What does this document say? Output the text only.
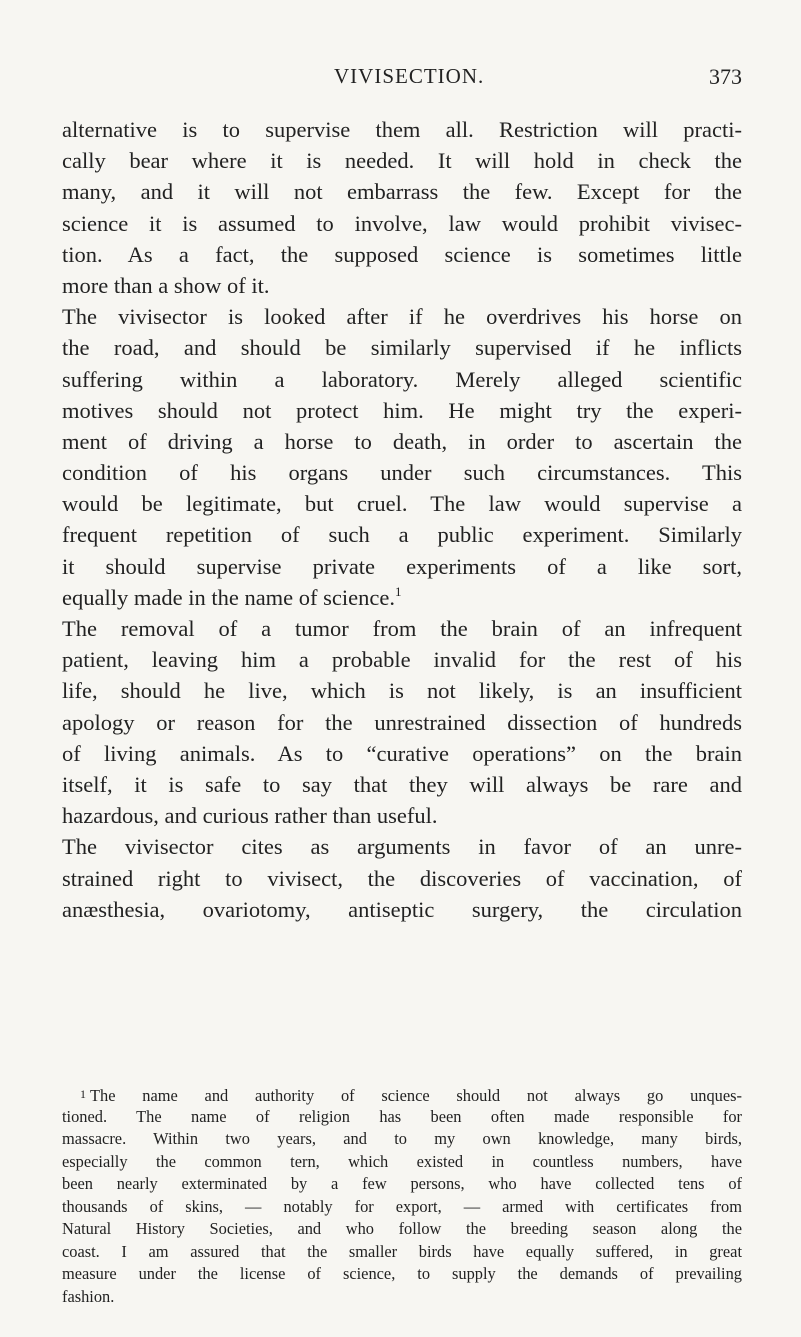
VIVISECTION.	373
alternative is to supervise them all. Restriction will practi-
cally bear where it is needed. It will hold in check the
many, and it will not embarrass the few. Except for the
science it is assumed to involve, law would prohibit vivisec-
tion. As a fact, the supposed science is sometimes little
more than a show of it.
The vivisector is looked after if he overdrives his horse on
the road, and should be similarly supervised if he inflicts
suffering within a laboratory. Merely alleged scientific
motives should not protect him. He might try the experi-
ment of driving a horse to death, in order to ascertain the
condition of his organs under such circumstances. This
would be legitimate, but cruel. The law would supervise a
frequent repetition of such a public experiment. Similarly
it should supervise private experiments of a like sort,
equally made in the name of science.$^1$
The removal of a tumor from the brain of an infrequent
patient, leaving him a probable invalid for the rest of his
life, should he live, which is not likely, is an insufficient
apology or reason for the unrestrained dissection of hundreds
of living animals. As to “curative operations” on the brain
itself, it is safe to say that they will always be rare and
hazardous, and curious rather than useful.
The vivisector cites as arguments in favor of an unre-
strained right to vivisect, the discoveries of vaccination, of
anæsthesia, ovariotomy, antiseptic surgery, the circulation
1 The name and authority of science should not always go unques-
tioned. The name of religion has been often made responsible for
massacre. Within two years, and to my own knowledge, many birds,
especially the common tern, which existed in countless numbers, have
been nearly exterminated by a few persons, who have collected tens of
thousands of skins, — notably for export, — armed with certificates from
Natural History Societies, and who follow the breeding season along the
coast. I am assured that the smaller birds have equally suffered, in great
measure under the license of science, to supply the demands of prevailing
fashion.
